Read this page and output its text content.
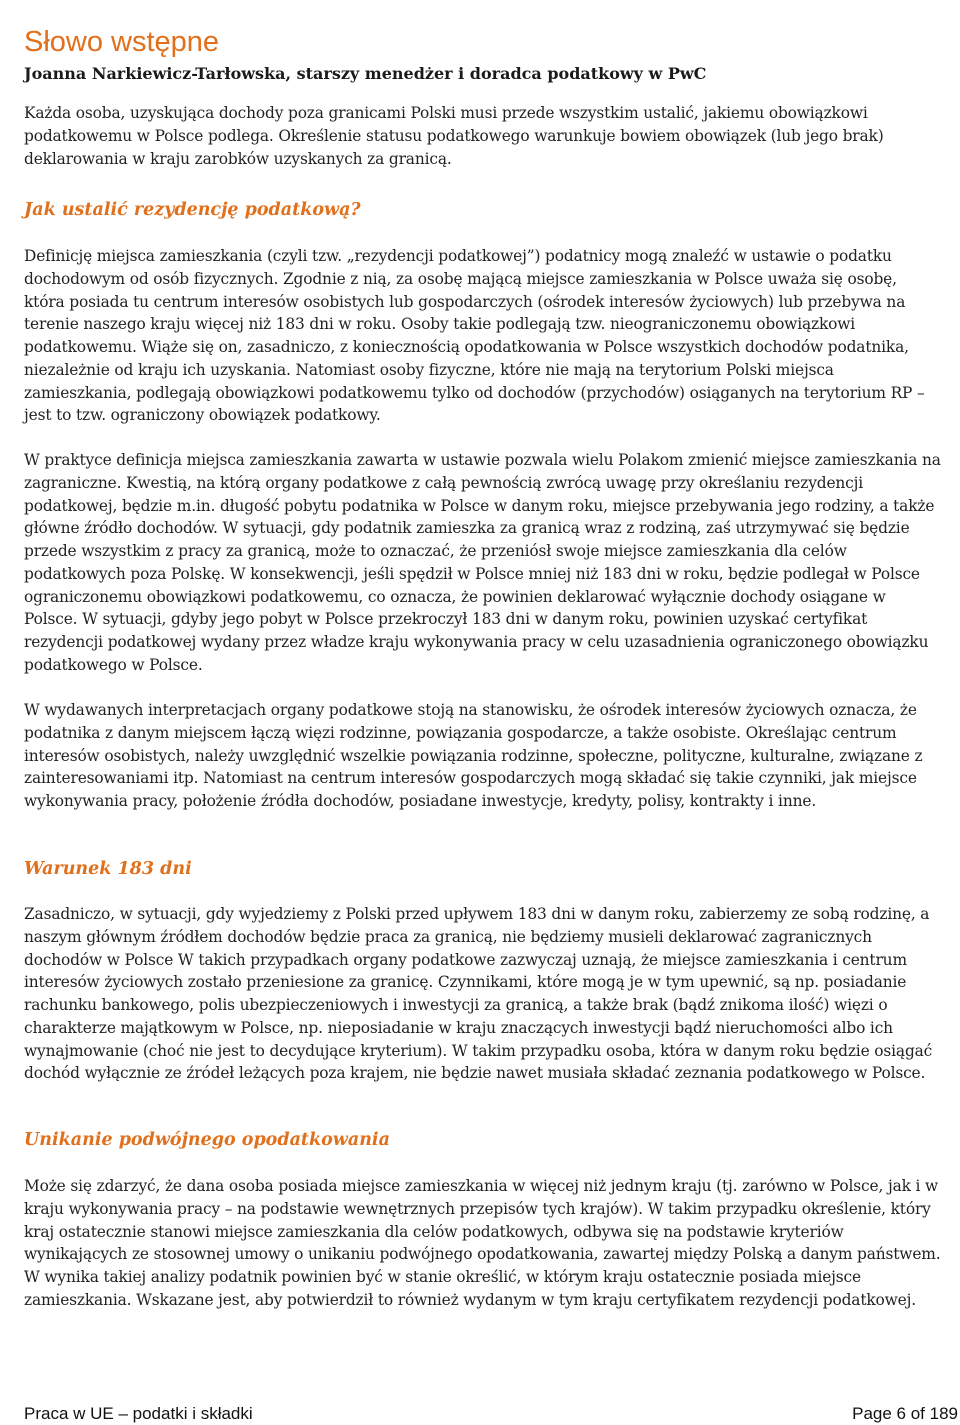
Słowo wstępne

Joanna Narkiewicz-Tarłowska, starszy menedżer i doradca podatkowy w PwC

Każda osoba, uzyskująca dochody poza granicami Polski musi przede wszystkim ustalić, jakiemu obowiązkowi podatkowemu w Polsce podlega. Określenie statusu podatkowego warunkuje bowiem obowiązek (lub jego brak) deklarowania w kraju zarobków uzyskanych za granicą.

Jak ustalić rezydencję podatkową?

Definicję miejsca zamieszkania (czyli tzw. „rezydencji podatkowej”) podatnicy mogą znaleźć w ustawie o podatku dochodowym od osób fizycznych. Zgodnie z nią, za osobę mającą miejsce zamieszkania w Polsce uważa się osobę, która posiada tu centrum interesów osobistych lub gospodarczych (ośrodek interesów życiowych) lub przebywa na terenie naszego kraju więcej niż 183 dni w roku. Osoby takie podlegają tzw. nieograniczonemu obowiązkowi podatkowemu. Wiąże się on, zasadniczo, z koniecznością opodatkowania w Polsce wszystkich dochodów podatnika, niezależnie od kraju ich uzyskania. Natomiast osoby fizyczne, które nie mają na terytorium Polski miejsca zamieszkania, podlegają obowiązkowi podatkowemu tylko od dochodów (przychodów) osiąganych na terytorium RP – jest to tzw. ograniczony obowiązek podatkowy.

W praktyce definicja miejsca zamieszkania zawarta w ustawie pozwala wielu Polakom zmienić miejsce zamieszkania na zagraniczne. Kwestią, na którą organy podatkowe z całą pewnością zwrócą uwagę przy określaniu rezydencji podatkowej, będzie m.in. długość pobytu podatnika w Polsce w danym roku, miejsce przebywania jego rodziny, a także główne źródło dochodów. W sytuacji, gdy podatnik zamieszka za granicą wraz z rodziną, zaś utrzymywać się będzie przede wszystkim z pracy za granicą, może to oznaczać, że przeniósł swoje miejsce zamieszkania dla celów podatkowych poza Polskę. W konsekwencji, jeśli spędził w Polsce mniej niż 183 dni w roku, będzie podlegał w Polsce ograniczonemu obowiązkowi podatkowemu, co oznacza, że powinien deklarować wyłącznie dochody osiągane w Polsce. W sytuacji, gdyby jego pobyt w Polsce przekroczył 183 dni w danym roku, powinien uzyskać certyfikat rezydencji podatkowej wydany przez władze kraju wykonywania pracy w celu uzasadnienia ograniczonego obowiązku podatkowego w Polsce.

W wydawanych interpretacjach organy podatkowe stoją na stanowisku, że ośrodek interesów życiowych oznacza, że podatnika z danym miejscem łączą więzi rodzinne, powiązania gospodarcze, a także osobiste. Określając centrum interesów osobistych, należy uwzględnić wszelkie powiązania rodzinne, społeczne, polityczne, kulturalne, związane z zainteresowaniami itp. Natomiast na centrum interesów gospodarczych mogą składać się takie czynniki, jak miejsce wykonywania pracy, położenie źródła dochodów, posiadane inwestycje, kredyty, polisy, kontrakty i inne.

Warunek 183 dni

Zasadniczo, w sytuacji, gdy wyjedziemy z Polski przed upływem 183 dni w danym roku, zabierzemy ze sobą rodzinę, a naszym głównym źródłem dochodów będzie praca za granicą, nie będziemy musieli deklarować zagranicznych dochodów w Polsce W takich przypadkach organy podatkowe zazwyczaj uznają, że miejsce zamieszkania i centrum interesów życiowych zostało przeniesione za granicę. Czynnikami, które mogą je w tym upewnić, są np. posiadanie rachunku bankowego, polis ubezpieczeniowych i inwestycji za granicą, a także brak (bądź znikoma ilość) więzi o charakterze majątkowym w Polsce, np. nieposiadanie w kraju znaczących inwestycji bądź nieruchomości albo ich wynajmowanie (choć nie jest to decydujące kryterium). W takim przypadku osoba, która w danym roku będzie osiągać dochód wyłącznie ze źródeł leżących poza krajem, nie będzie nawet musiała składać zeznania podatkowego w Polsce.

Unikanie podwójnego opodatkowania

Może się zdarzyć, że dana osoba posiada miejsce zamieszkania w więcej niż jednym kraju (tj. zarówno w Polsce, jak i w kraju wykonywania pracy – na podstawie wewnętrznych przepisów tych krajów). W takim przypadku określenie, który kraj ostatecznie stanowi miejsce zamieszkania dla celów podatkowych, odbywa się na podstawie kryteriów wynikających ze stosownej umowy o unikaniu podwójnego opodatkowania, zawartej między Polską a danym państwem. W wynika takiej analizy podatnik powinien być w stanie określić, w którym kraju ostatecznie posiada miejsce zamieszkania. Wskazane jest, aby potwierdził to również wydanym w tym kraju certyfikatem rezydencji podatkowej.

Praca w UE – podatki i składki	Page 6 of 189
